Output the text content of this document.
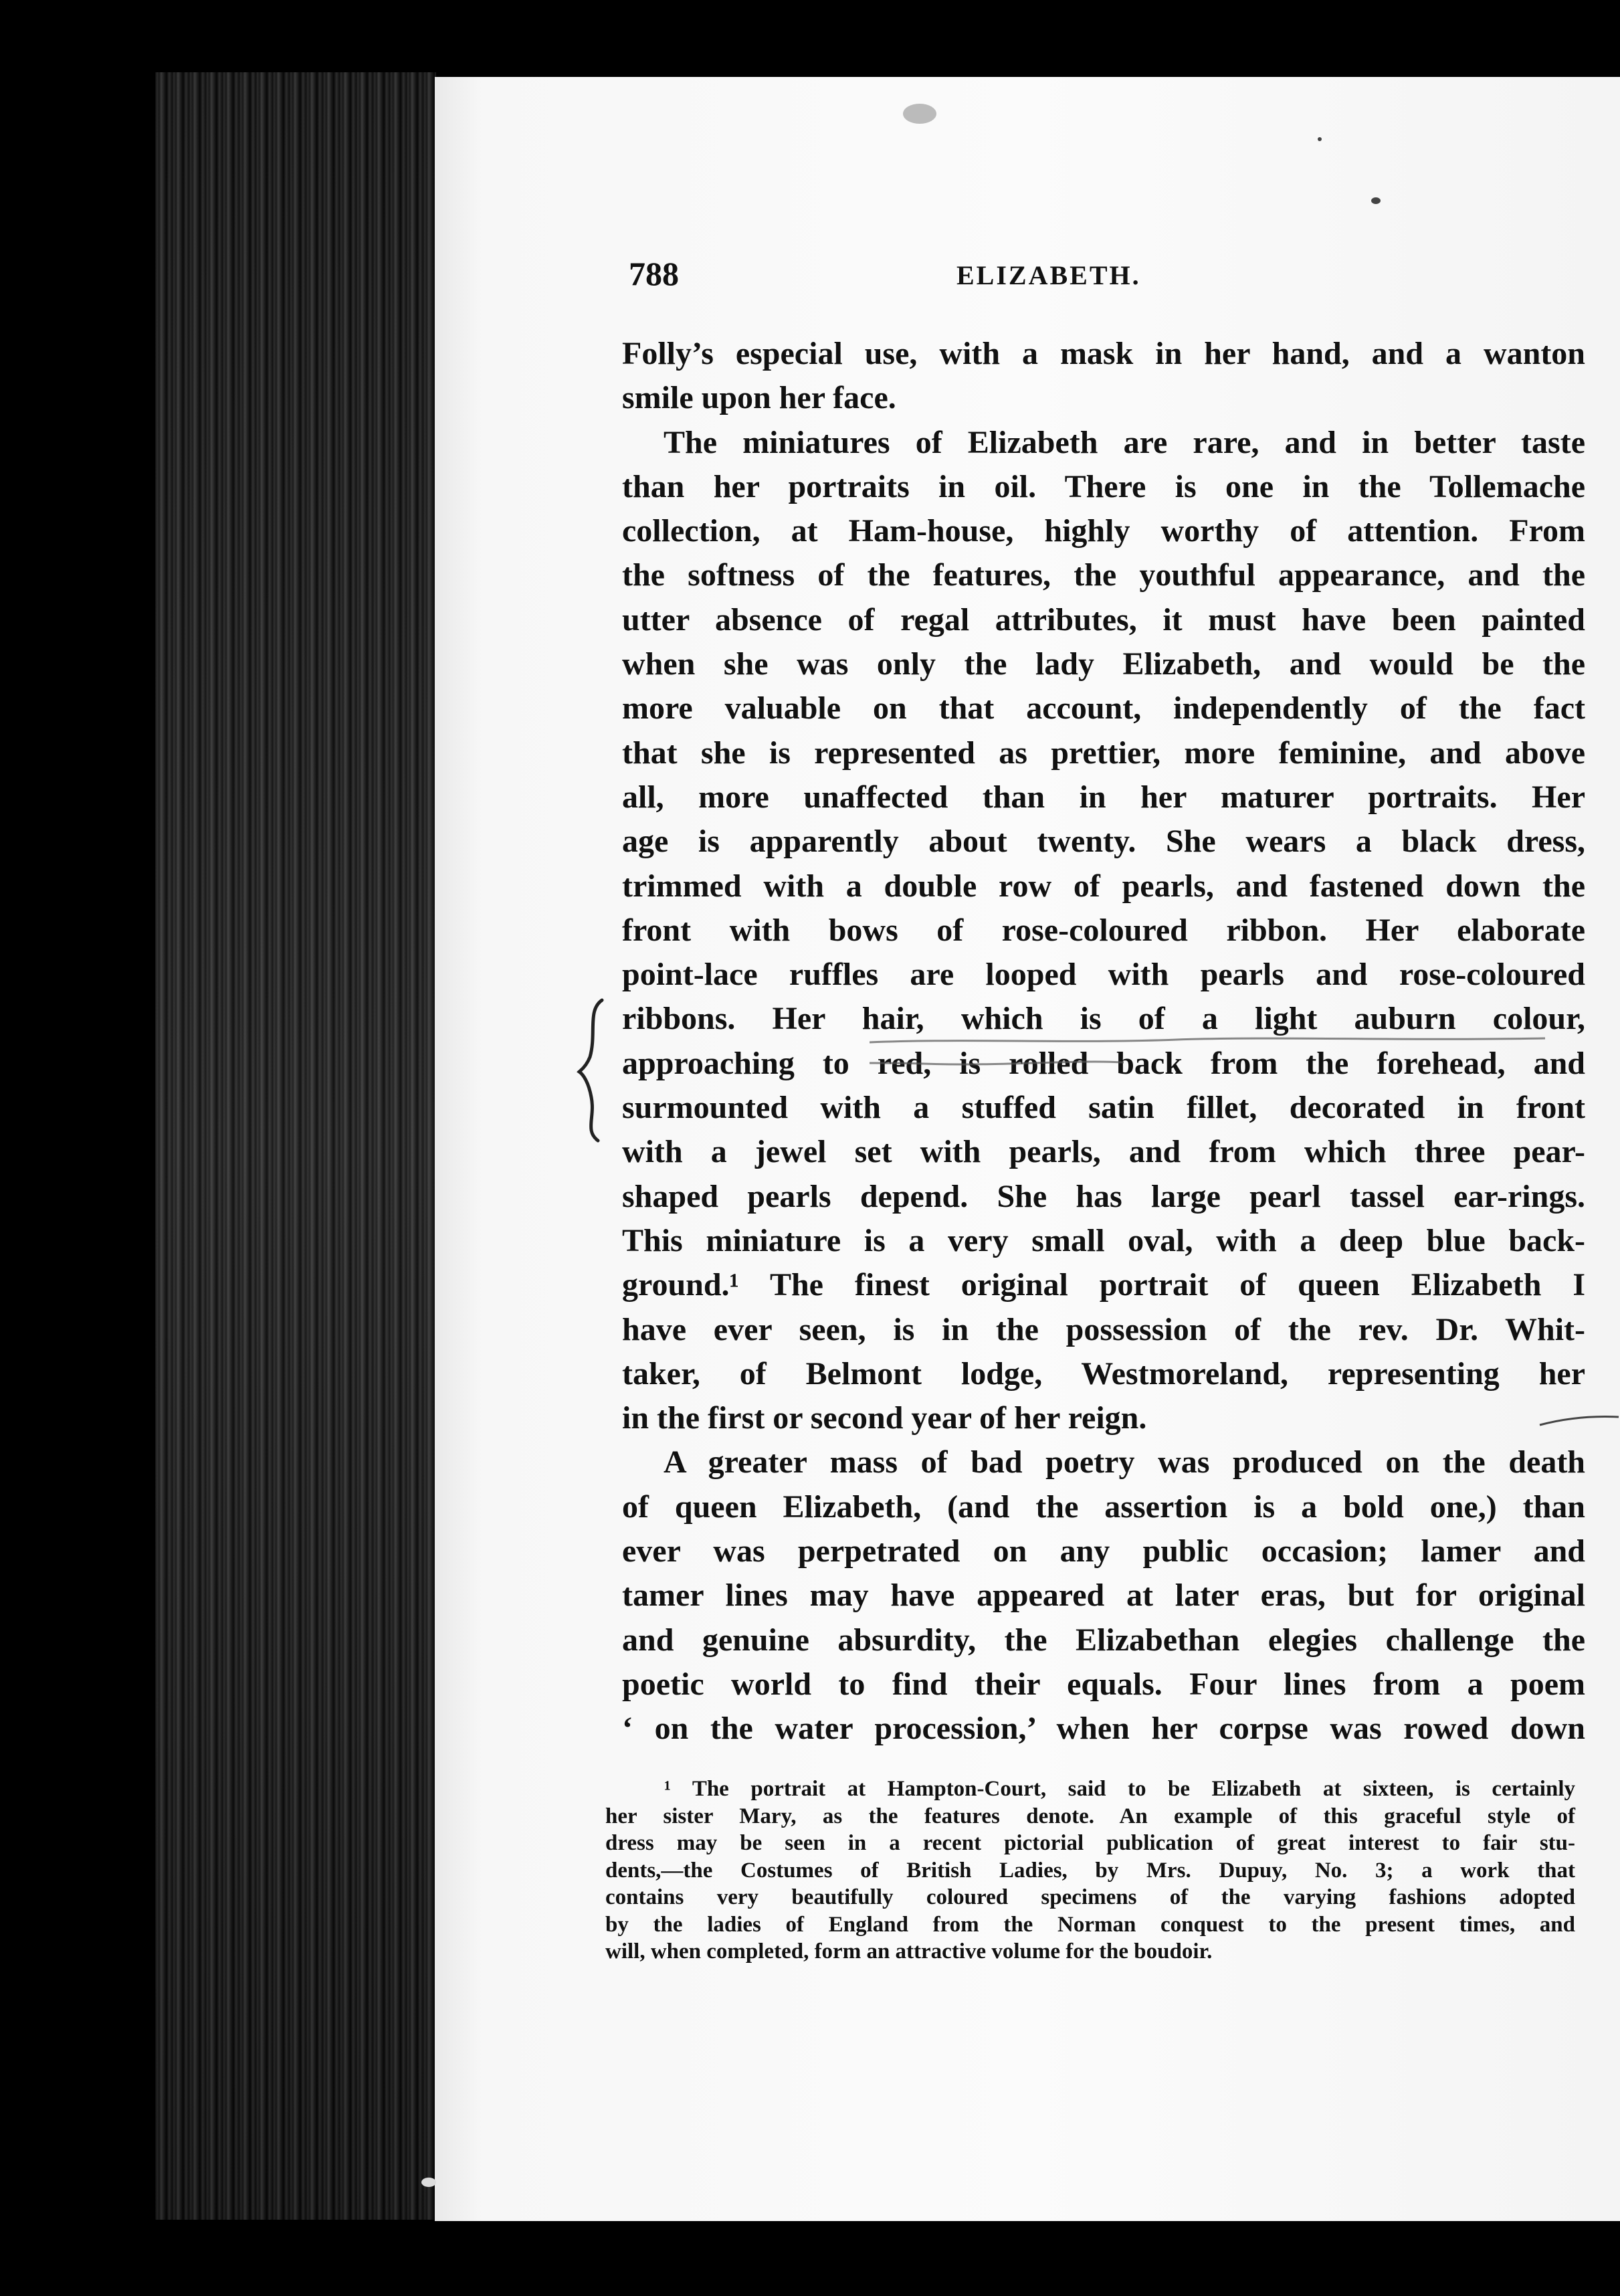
788	ELIZABETH.
Folly’s especial use, with a mask in her hand, and a wanton
smile upon her face.
The miniatures of Elizabeth are rare, and in better taste
than her portraits in oil. There is one in the Tollemache
collection, at Ham-house, highly worthy of attention. From
the softness of the features, the youthful appearance, and the
utter absence of regal attributes, it must have been painted
when she was only the lady Elizabeth, and would be the
more valuable on that account, independently of the fact
that she is represented as prettier, more feminine, and above
all, more unaffected than in her maturer portraits. Her
age is apparently about twenty. She wears a black dress,
trimmed with a double row of pearls, and fastened down the
front with bows of rose-coloured ribbon. Her elaborate
point-lace ruffles are looped with pearls and rose-coloured
ribbons. Her hair, which is of a light auburn colour,
approaching to red, is rolled back from the forehead, and
surmounted with a stuffed satin fillet, decorated in front
with a jewel set with pearls, and from which three pear-
shaped pearls depend. She has large pearl tassel ear-rings.
This miniature is a very small oval, with a deep blue back-
ground.¹ The finest original portrait of queen Elizabeth I
have ever seen, is in the possession of the rev. Dr. Whit-
taker, of Belmont lodge, Westmoreland, representing her
in the first or second year of her reign.
A greater mass of bad poetry was produced on the death
of queen Elizabeth, (and the assertion is a bold one,) than
ever was perpetrated on any public occasion; lamer and
tamer lines may have appeared at later eras, but for original
and genuine absurdity, the Elizabethan elegies challenge the
poetic world to find their equals. Four lines from a poem
‘ on the water procession,’ when her corpse was rowed down
¹ The portrait at Hampton-Court, said to be Elizabeth at sixteen, is certainly
her sister Mary, as the features denote. An example of this graceful style of
dress may be seen in a recent pictorial publication of great interest to fair stu-
dents,—the Costumes of British Ladies, by Mrs. Dupuy, No. 3; a work that
contains very beautifully coloured specimens of the varying fashions adopted
by the ladies of England from the Norman conquest to the present times, and
will, when completed, form an attractive volume for the boudoir.
